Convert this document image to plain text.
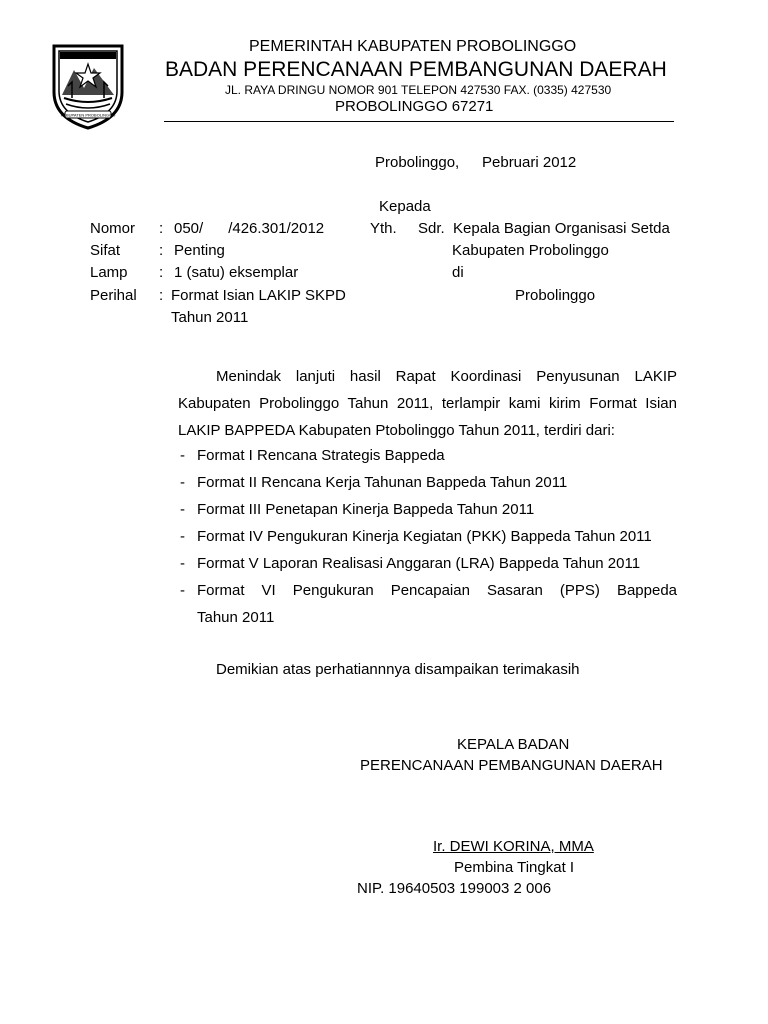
KABUPATEN PROBOLINGGO
PEMERINTAH KABUPATEN PROBOLINGGO
BADAN PERENCANAAN PEMBANGUNAN DAERAH
JL. RAYA DRINGU NOMOR 901 TELEPON 427530 FAX. (0335) 427530
PROBOLINGGO 67271
Probolinggo, Pebruari 2012
Kepada
Yth. Sdr. Kepala Bagian Organisasi Setda
Kabupaten Probolinggo
di
Probolinggo
Nomor : 050/      /426.301/2012
Sifat	: Penting
Lamp : 1 (satu) eksemplar
Perihal : Format Isian LAKIP SKPD
Tahun 2011
Menindak  lanjuti  hasil  Rapat  Koordinasi  Penyusunan  LAKIP
Kabupaten Probolinggo Tahun 2011, terlampir kami kirim Format Isian
LAKIP BAPPEDA Kabupaten Ptobolinggo Tahun 2011, terdiri dari:
- Format I Rencana Strategis Bappeda
- Format II Rencana Kerja Tahunan Bappeda Tahun 2011
- Format III Penetapan Kinerja Bappeda Tahun 2011
- Format IV Pengukuran Kinerja Kegiatan (PKK) Bappeda Tahun 2011
- Format V Laporan Realisasi Anggaran (LRA) Bappeda Tahun 2011
- Format  VI  Pengukuran  Pencapaian  Sasaran  (PPS)  Bappeda
Tahun 2011
Demikian atas perhatiannnya disampaikan terimakasih
KEPALA BADAN
PERENCANAAN PEMBANGUNAN DAERAH
Ir. DEWI KORINA, MMA
Pembina Tingkat I
NIP. 19640503 199003 2 006
